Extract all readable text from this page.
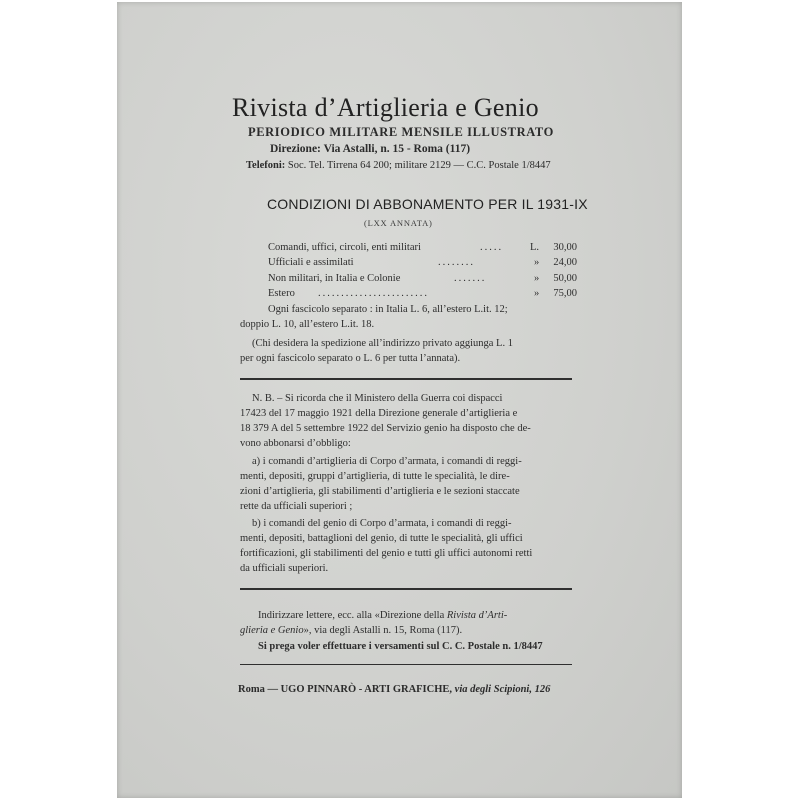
Rivista d’Artiglieria e Genio
PERIODICO MILITARE MENSILE ILLUSTRATO
Direzione: Via Astalli, n. 15 - Roma (117)
Telefoni: Soc. Tel. Tirrena 64 200; militare 2129 — C.C. Postale 1/8447
CONDIZIONI DI ABBONAMENTO PER IL 1931-IX
(LXX ANNATA)
Comandi, uffici, circoli, enti militari	.....	L. 30,00
Ufficiali e assimilati	........	» 24,00
Non militari, in Italia e Colonie	.......	» 50,00
Estero ........................	» 75,00
Ogni fascicolo separato : in Italia L. 6, all’estero L.it. 12;
doppio L. 10, all’estero L.it. 18.
(Chi desidera la spedizione all’indirizzo privato aggiunga L. 1
per ogni fascicolo separato o L. 6 per tutta l’annata).
N. B. – Si ricorda che il Ministero della Guerra coi dispacci
17423 del 17 maggio 1921 della Direzione generale d’artiglieria e
18 379 A del 5 settembre 1922 del Servizio genio ha disposto che de-
vono abbonarsi d’obbligo:
a) i comandi d’artiglieria di Corpo d’armata, i comandi di reggi-
menti, depositi, gruppi d’artiglieria, di tutte le specialità, le dire-
zioni d’artiglieria, gli stabilimenti d’artiglieria e le sezioni staccate
rette da ufficiali superiori ;
b) i comandi del genio di Corpo d’armata, i comandi di reggi-
menti, depositi, battaglioni del genio, di tutte le specialità, gli uffici
fortificazioni, gli stabilimenti del genio e tutti gli uffici autonomi retti
da ufficiali superiori.
Indirizzare lettere, ecc. alla «Direzione della Rivista d’Arti-
glieria e Genio», via degli Astalli n. 15, Roma (117).
Si prega voler effettuare i versamenti sul C. C. Postale n. 1/8447
Roma — UGO PINNARÒ - ARTI GRAFICHE, via degli Scipioni, 126
